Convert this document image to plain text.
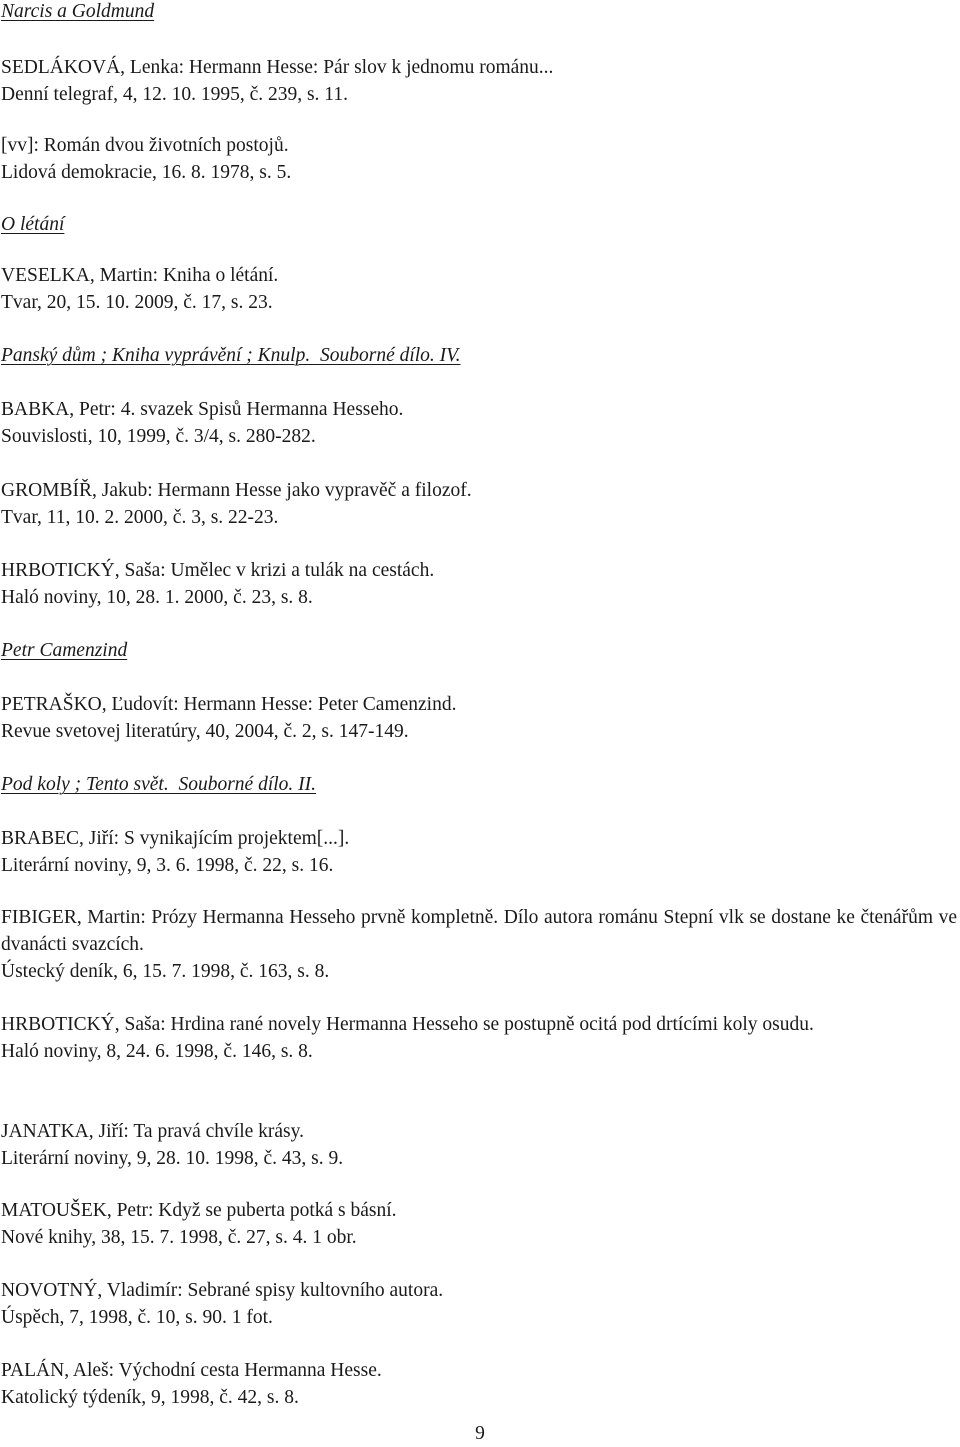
Narcis a Goldmund
SEDLÁKOVÁ, Lenka: Hermann Hesse: Pár slov k jednomu románu...
Denní telegraf, 4, 12. 10. 1995, č. 239, s. 11.
[vv]: Román dvou životních postojů.
Lidová demokracie, 16. 8. 1978, s. 5.
O létání
VESELKA, Martin: Kniha o létání.
Tvar, 20, 15. 10. 2009, č. 17, s. 23.
Panský dům ; Kniha vyprávění ; Knulp.  Souborné dílo. IV.
BABKA, Petr: 4. svazek Spisů Hermanna Hesseho.
Souvislosti, 10, 1999, č. 3/4, s. 280-282.
GROMBÍŘ, Jakub: Hermann Hesse jako vypravěč a filozof.
Tvar, 11, 10. 2. 2000, č. 3, s. 22-23.
HRBOTICKÝ, Saša: Umělec v krizi a tulák na cestách.
Haló noviny, 10, 28. 1. 2000, č. 23, s. 8.
Petr Camenzind
PETRAŠKO, Ľudovít: Hermann Hesse: Peter Camenzind.
Revue svetovej literatúry, 40, 2004, č. 2, s. 147-149.
Pod koly ; Tento svět.  Souborné dílo. II.
BRABEC, Jiří: S vynikajícím projektem[...].
Literární noviny, 9, 3. 6. 1998, č. 22, s. 16.
FIBIGER, Martin: Prózy Hermanna Hesseho prvně kompletně. Dílo autora románu Stepní vlk se dostane ke čtenářům ve dvanácti svazcích.
Ústecký deník, 6, 15. 7. 1998, č. 163, s. 8.
HRBOTICKÝ, Saša: Hrdina rané novely Hermanna Hesseho se postupně ocitá pod drtícími koly osudu.
Haló noviny, 8, 24. 6. 1998, č. 146, s. 8.
JANATKA, Jiří: Ta pravá chvíle krásy.
Literární noviny, 9, 28. 10. 1998, č. 43, s. 9.
MATOUŠEK, Petr: Když se puberta potká s básní.
Nové knihy, 38, 15. 7. 1998, č. 27, s. 4. 1 obr.
NOVOTNÝ, Vladimír: Sebrané spisy kultovního autora.
Úspěch, 7, 1998, č. 10, s. 90. 1 fot.
PALÁN, Aleš: Východní cesta Hermanna Hesse.
Katolický týdeník, 9, 1998, č. 42, s. 8.
9
